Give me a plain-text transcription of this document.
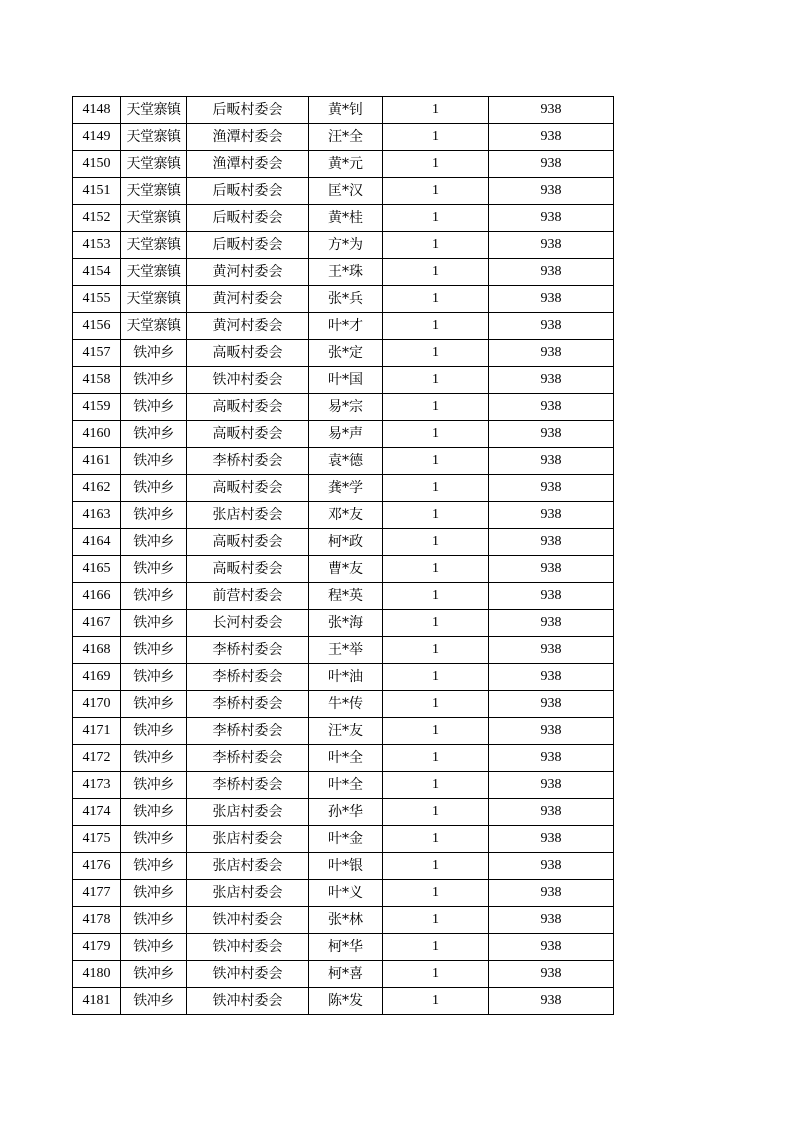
4148	天堂寨镇	后畈村委会	黄*钊	1	938
4149	天堂寨镇	渔潭村委会	汪*全	1	938
4150	天堂寨镇	渔潭村委会	黄*元	1	938
4151	天堂寨镇	后畈村委会	匡*汉	1	938
4152	天堂寨镇	后畈村委会	黄*桂	1	938
4153	天堂寨镇	后畈村委会	方*为	1	938
4154	天堂寨镇	黄河村委会	王*珠	1	938
4155	天堂寨镇	黄河村委会	张*兵	1	938
4156	天堂寨镇	黄河村委会	叶*才	1	938
4157	铁冲乡	高畈村委会	张*定	1	938
4158	铁冲乡	铁冲村委会	叶*国	1	938
4159	铁冲乡	高畈村委会	易*宗	1	938
4160	铁冲乡	高畈村委会	易*声	1	938
4161	铁冲乡	李桥村委会	袁*德	1	938
4162	铁冲乡	高畈村委会	龚*学	1	938
4163	铁冲乡	张店村委会	邓*友	1	938
4164	铁冲乡	高畈村委会	柯*政	1	938
4165	铁冲乡	高畈村委会	曹*友	1	938
4166	铁冲乡	前营村委会	程*英	1	938
4167	铁冲乡	长河村委会	张*海	1	938
4168	铁冲乡	李桥村委会	王*举	1	938
4169	铁冲乡	李桥村委会	叶*油	1	938
4170	铁冲乡	李桥村委会	牛*传	1	938
4171	铁冲乡	李桥村委会	汪*友	1	938
4172	铁冲乡	李桥村委会	叶*全	1	938
4173	铁冲乡	李桥村委会	叶*全	1	938
4174	铁冲乡	张店村委会	孙*华	1	938
4175	铁冲乡	张店村委会	叶*金	1	938
4176	铁冲乡	张店村委会	叶*银	1	938
4177	铁冲乡	张店村委会	叶*义	1	938
4178	铁冲乡	铁冲村委会	张*林	1	938
4179	铁冲乡	铁冲村委会	柯*华	1	938
4180	铁冲乡	铁冲村委会	柯*喜	1	938
4181	铁冲乡	铁冲村委会	陈*发	1	938
